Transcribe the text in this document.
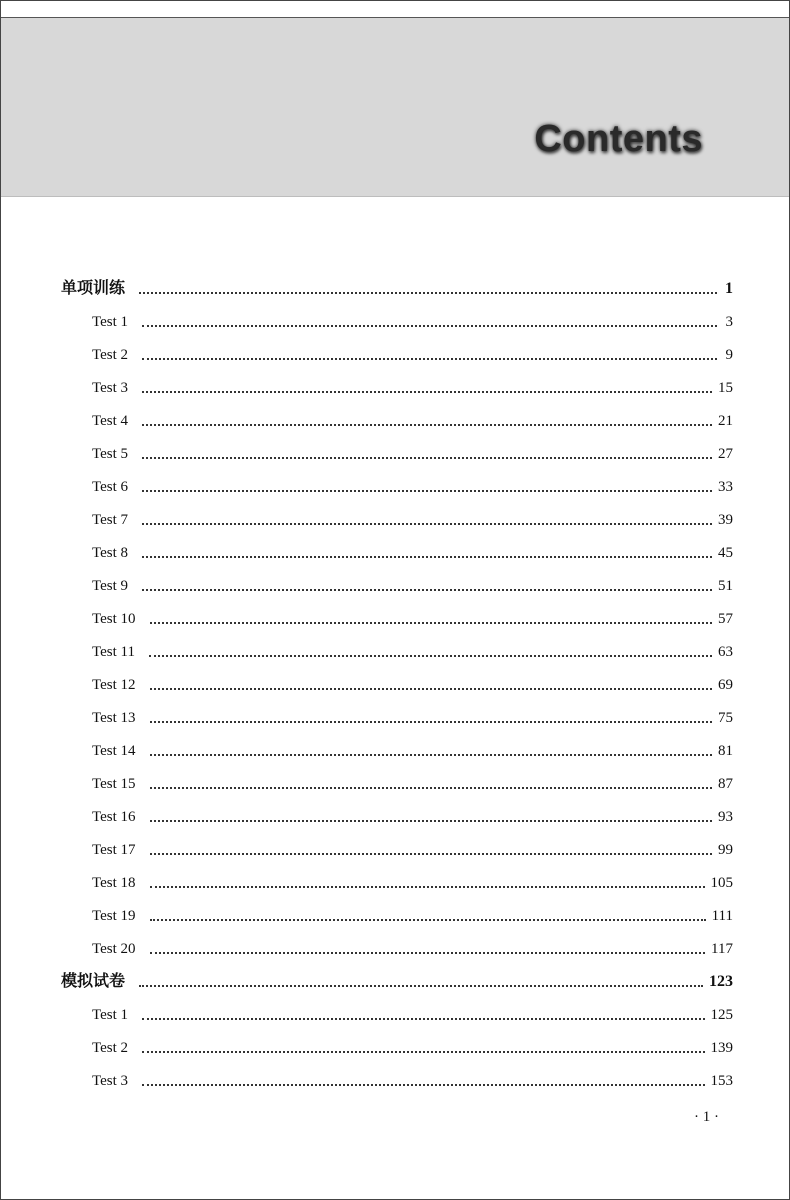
Contents
单项训练	1
Test 1	3
Test 2	9
Test 3	15
Test 4	21
Test 5	27
Test 6	33
Test 7	39
Test 8	45
Test 9	51
Test 10	57
Test 11	63
Test 12	69
Test 13	75
Test 14	81
Test 15	87
Test 16	93
Test 17	99
Test 18	105
Test 19	111
Test 20	117
模拟试卷	123
Test 1	125
Test 2	139
Test 3	153
· 1 ·
